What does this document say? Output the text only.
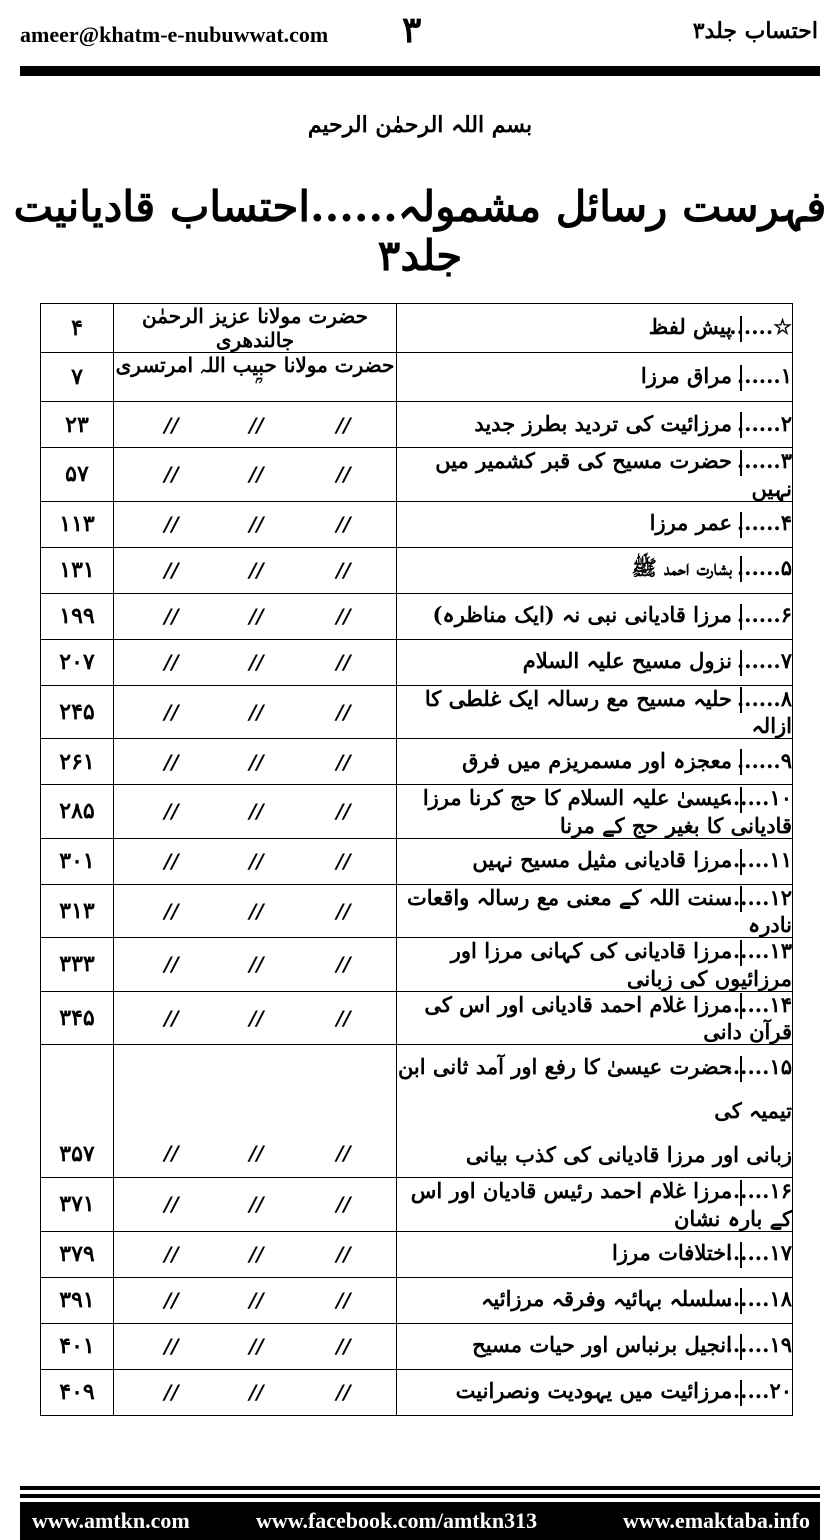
ameer@khatm-e-nubuwwat.com ۳	احتساب جلد۳
بسم اللہ الرحمٰن الرحیم
فہرست رسائل مشمولہ......احتساب قادیانیت جلد۳
۴	حضرت مولانا عزیز الرحمٰن جالندھری	☆......پیش لفظ
۷	حضرت مولانا حبیب اللہ امرتسری	۱......مراق مرزا
۲۳	// // //	۲......مرزائیت کی تردید بطرز جدید
۵۷	// // //	۳......حضرت مسیح کی قبر کشمیر میں نہیں
۱۱۳	// // //	۴......عمر مرزا
۱۳۱	// // //	۵......بشارت احمد ﷺ
۱۹۹	// // //	۶......مرزا قادیانی نبی نہ (ایک مناظرہ)
۲۰۷	// // //	۷......نزول مسیح علیہ السلام
۲۴۵	// // //	۸......حلیہ مسیح مع رسالہ ایک غلطی کا ازالہ
۲۶۱	// // //	۹......معجزہ اور مسمریزم میں فرق
۲۸۵	// // //	۱۰......عیسیٰ علیہ السلام کا حج کرنا مرزا قادیانی کا بغیر حج کے مرنا
۳۰۱	// // //	۱۱......مرزا قادیانی مثیل مسیح نہیں
۳۱۳	// // //	۱۲......سنت اللہ کے معنی مع رسالہ واقعات نادرہ
۳۳۳	// // //	۱۳......مرزا قادیانی کی کہانی مرزا اور مرزائیوں کی زبانی
۳۴۵	// // //	۱۴......مرزا غلام احمد قادیانی اور اس کی قرآن دانی
۳۵۷	// // //	۱۵......حضرت عیسیٰ کا رفع اور آمد ثانی ابن تیمیہ کی
زبانی اور مرزا قادیانی کی کذب بیانی
۳۷۱	// // //	۱۶......مرزا غلام احمد رئیس قادیان اور اس کے بارہ نشان
۳۷۹	// // //	۱۷......اختلافات مرزا
۳۹۱	// // //	۱۸......سلسلہ بہائیہ وفرقہ مرزائیہ
۴۰۱	// // //	۱۹......انجیل برنباس اور حیات مسیح
۴۰۹	// // //	۲۰......مرزائیت میں یہودیت ونصرانیت
www.amtkn.com	www.facebook.com/amtkn313	www.emaktaba.info
